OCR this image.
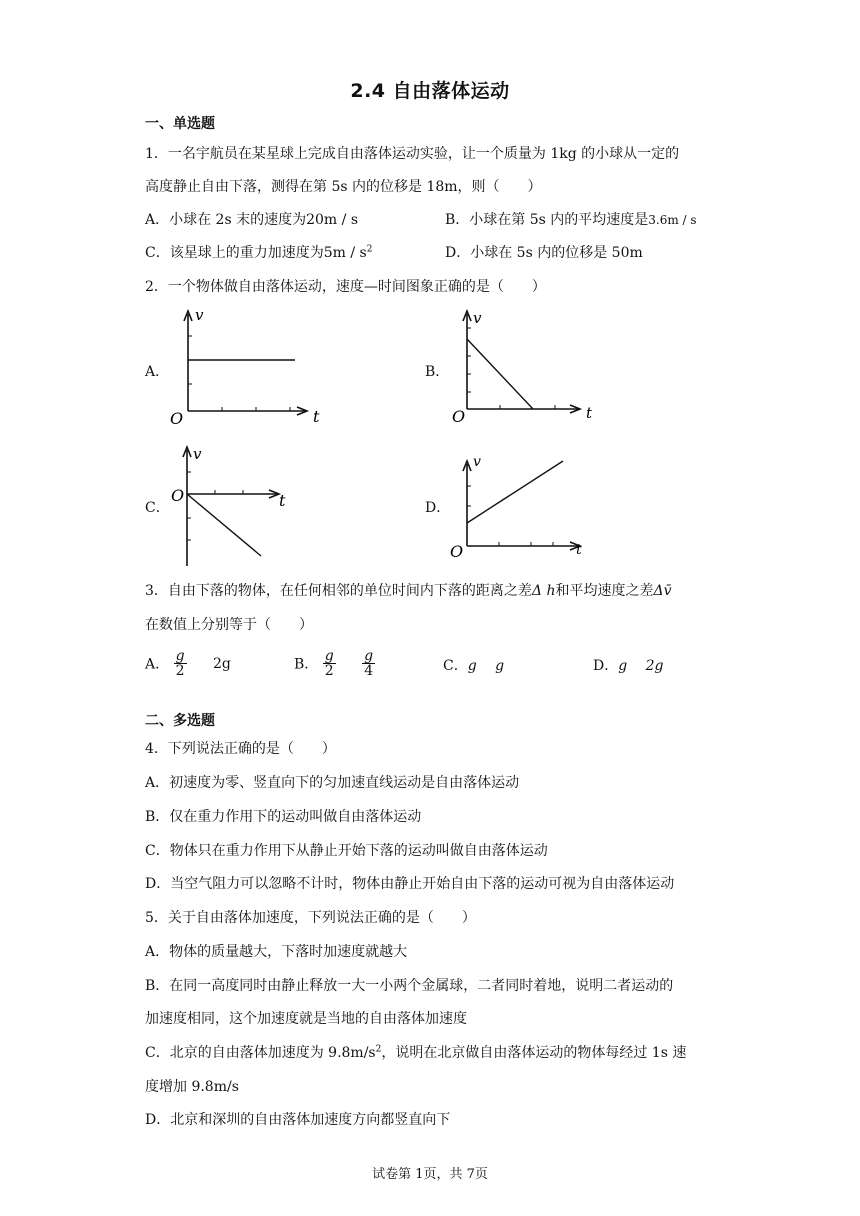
2.4 自由落体运动
一、单选题
1．一名宇航员在某星球上完成自由落体运动实验，让一个质量为 1kg 的小球从一定的
高度静止自由下落，测得在第 5s 内的位移是 18m，则（　　）
A．小球在 2s 末的速度为20m / s	B．小球在第 5s 内的平均速度是3.6m / s
C．该星球上的重力加速度为$5m / s^2$	D．小球在 5s 内的位移是 50m
2．一个物体做自由落体运动，速度—时间图象正确的是（　　）
A．
v
t
O
B．
v
t
O
C．
v
t
O
D．
v
t
O
3．自由下落的物体，在任何相邻的单位时间内下落的距离之差Δ h和平均速度之差Δv̄
在数值上分别等于（　　）
A． $\frac{g}{2} 2g$	B． $\frac{g}{2}$
$\frac{g}{4}$	C．g　 g	D．g　 2g
二、多选题
4．下列说法正确的是（　　）
A．初速度为零、竖直向下的匀加速直线运动是自由落体运动
B．仅在重力作用下的运动叫做自由落体运动
C．物体只在重力作用下从静止开始下落的运动叫做自由落体运动
D．当空气阻力可以忽略不计时，物体由静止开始自由下落的运动可视为自由落体运动
5．关于自由落体加速度，下列说法正确的是（　　）
A．物体的质量越大，下落时加速度就越大
B．在同一高度同时由静止释放一大一小两个金属球，二者同时着地，说明二者运动的
加速度相同，这个加速度就是当地的自由落体加速度
C．北京的自由落体加速度为 $9.8m/s^2$，说明在北京做自由落体运动的物体每经过 1s 速
度增加 9.8m/s
D．北京和深圳的自由落体加速度方向都竖直向下
试卷第 1页，共 7页
